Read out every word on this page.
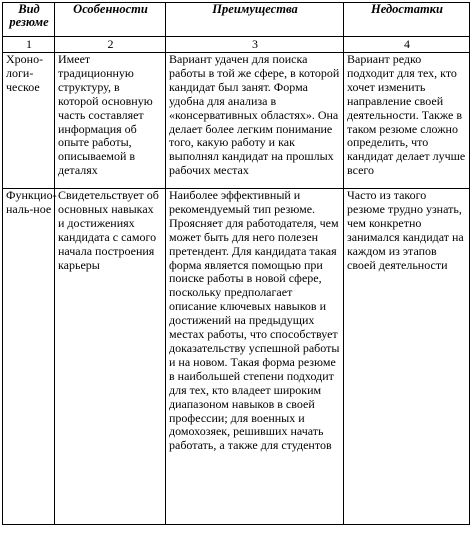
Вид резюме	Особенности	Преимущества	Недостатки
1	2	3	4

Хроно-логи-ческое	Имеет традиционную структуру, в которой основную часть составляет информация об опыте работы, описываемой в деталях	Вариант удачен для поиска работы в той же сфере, в которой кандидат был занят. Форма удобна для анализа в «консервативных областях». Она делает более легким понимание того, какую работу и как выполнял кандидат на прошлых рабочих местах	Вариант редко подходит для тех, кто хочет изменить направление своей деятельности. Также в таком резюме сложно определить, что кандидат делает лучше всего

Функцио-наль-ное	Свидетельствует об основных навыках и достижениях кандидата с самого начала построения карьеры	Наиболее эффективный и рекомендуемый тип резюме. Проясняет для работодателя, чем может быть для него полезен претендент. Для кандидата такая форма является помощью при поиске работы в новой сфере, поскольку предполагает описание ключевых навыков и достижений на предыдущих местах работы, что способствует доказательству успешной работы и на новом. Такая форма резюме в наибольшей степени подходит для тех, кто владеет широким диапазоном навыков в своей профессии; для военных и домохозяек, решивших начать работать, а также для студентов	Часто из такого резюме трудно узнать, чем конкретно занимался кандидат на каждом из этапов своей деятельности
